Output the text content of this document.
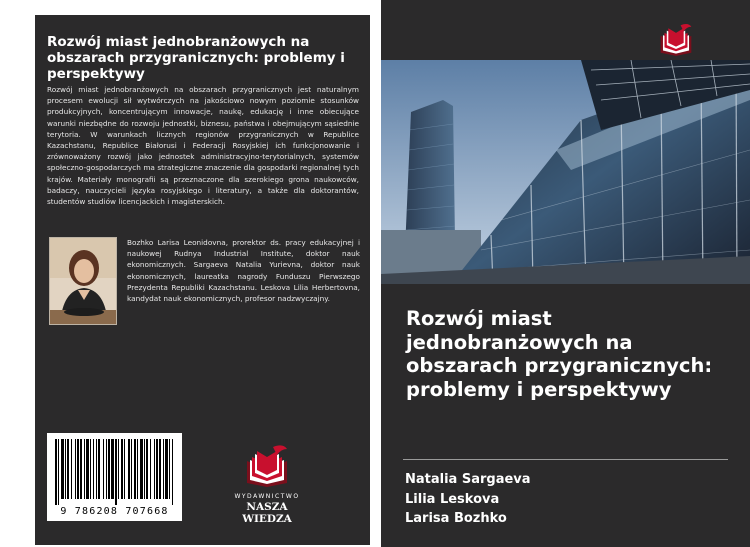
Rozwój miast jednobranżowych na obszarach przygranicznych: problemy i perspektywy

Rozwój miast jednobranżowych na obszarach przygranicznych jest naturalnym procesem ewolucji sił wytwórczych na jakościowo nowym poziomie stosunków produkcyjnych, koncentrującym innowacje, naukę, edukację i inne obiecujące warunki niezbędne do rozwoju jednostki, biznesu, państwa i obejmującym sąsiednie terytoria. W warunkach licznych regionów przygranicznych w Republice Kazachstanu, Republice Białorusi i Federacji Rosyjskiej ich funkcjonowanie i zrównoważony rozwój jako jednostek administracyjno-terytorialnych, systemów społeczno-gospodarczych ma strategiczne znaczenie dla gospodarki regionalnej tych krajów. Materiały monografii są przeznaczone dla szerokiego grona naukowców, badaczy, nauczycieli języka rosyjskiego i literatury, a także dla doktorantów, studentów studiów licencjackich i magisterskich.

Bozhko Larisa Leonidovna, prorektor ds. pracy edukacyjnej i naukowej Rudnya Industrial Institute, doktor nauk ekonomicznych. Sargaeva Natalia Yurievna, doktor nauk ekonomicznych, laureatka nagrody Funduszu Pierwszego Prezydenta Republiki Kazachstanu. Leskova Lilia Herbertovna, kandydat nauk ekonomicznych, profesor nadzwyczajny.

9 786208 707668
WYDAWNICTWO
NASZA WIEDZA
Rozwój miast jednobranżowych na obszarach przygranicznych: problemy i perspektywy
Natalia Sargaeva
Lilia Leskova
Larisa Bozhko
